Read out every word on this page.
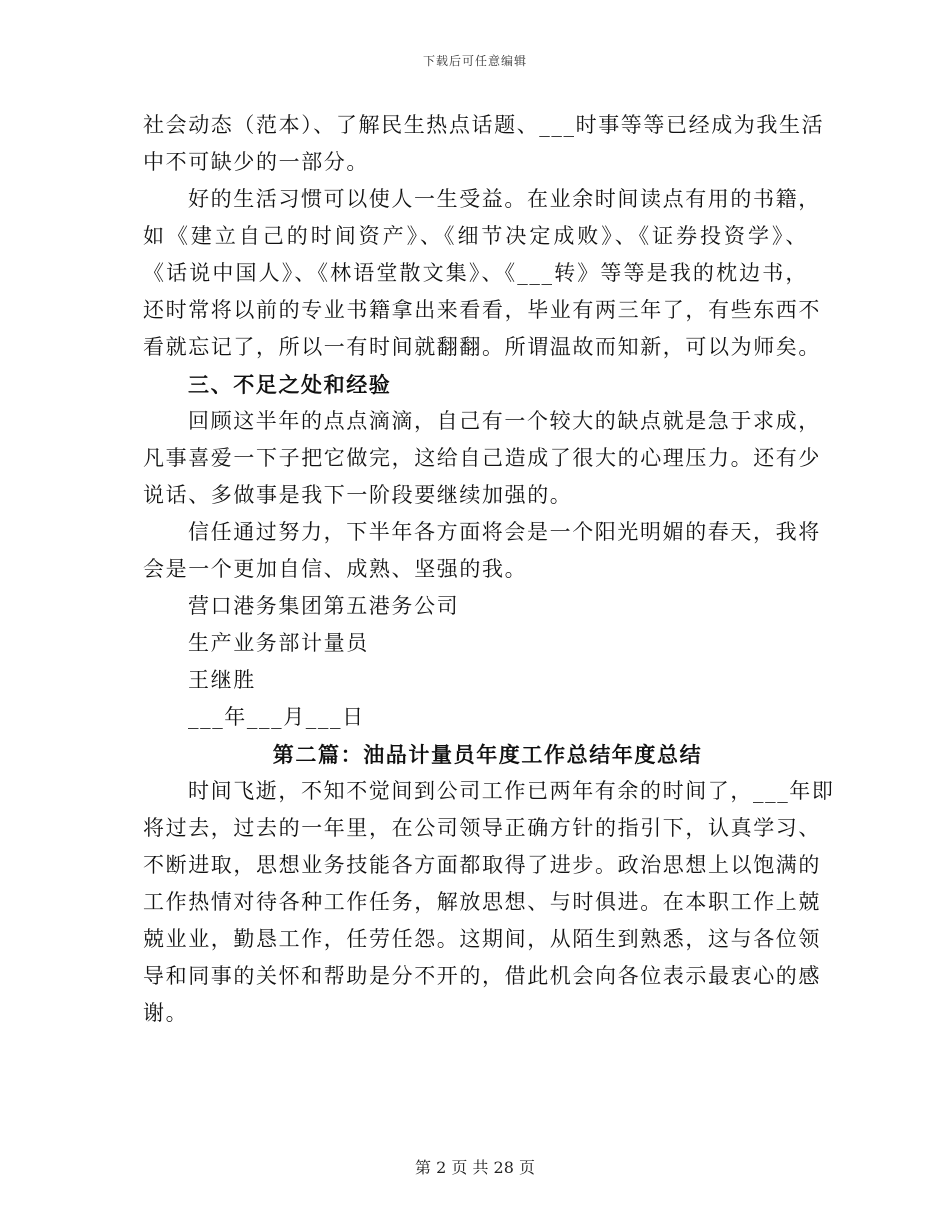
下载后可任意编辑
社会动态（范本）、了解民生热点话题、___时事等等已经成为我生活
中不可缺少的一部分。
好的生活习惯可以使人一生受益。在业余时间读点有用的书籍，
如《建立自己的时间资产》、《细节决定成败》、《证券投资学》、
《话说中国人》、《林语堂散文集》、《___转》等等是我的枕边书，
还时常将以前的专业书籍拿出来看看，毕业有两三年了，有些东西不
看就忘记了，所以一有时间就翻翻。所谓温故而知新，可以为师矣。
三、不足之处和经验
回顾这半年的点点滴滴，自己有一个较大的缺点就是急于求成，
凡事喜爱一下子把它做完，这给自己造成了很大的心理压力。还有少
说话、多做事是我下一阶段要继续加强的。
信任通过努力，下半年各方面将会是一个阳光明媚的春天，我将
会是一个更加自信、成熟、坚强的我。
营口港务集团第五港务公司
生产业务部计量员
王继胜
___年___月___日
第二篇：油品计量员年度工作总结年度总结
时间飞逝，不知不觉间到公司工作已两年有余的时间了，___年即
将过去，过去的一年里，在公司领导正确方针的指引下，认真学习、
不断进取，思想业务技能各方面都取得了进步。政治思想上以饱满的
工作热情对待各种工作任务，解放思想、与时俱进。在本职工作上兢
兢业业，勤恳工作，任劳任怨。这期间，从陌生到熟悉，这与各位领
导和同事的关怀和帮助是分不开的，借此机会向各位表示最衷心的感
谢。
第 2 页 共 28 页
